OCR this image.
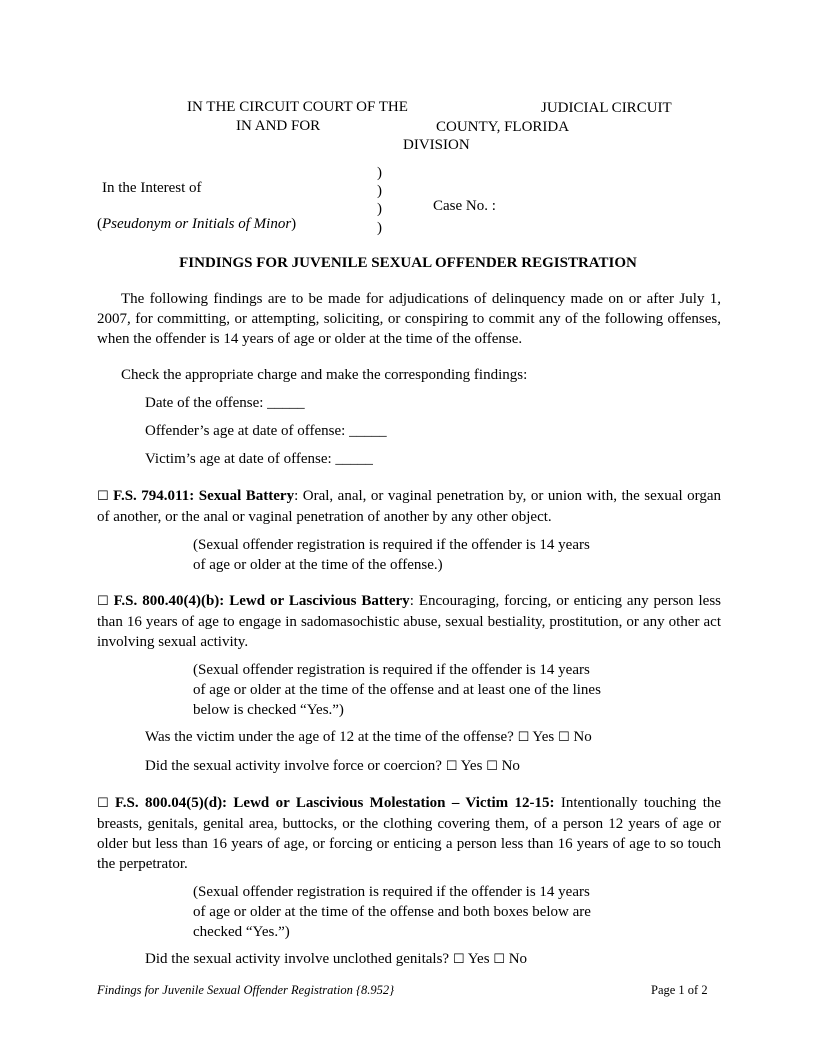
IN THE CIRCUIT COURT OF THE	JUDICIAL CIRCUIT
IN AND FOR	COUNTY, FLORIDA
DIVISION
)
)
)
)
In the Interest of
Case No. :
(Pseudonym or Initials of Minor)
FINDINGS FOR JUVENILE SEXUAL OFFENDER REGISTRATION
The following findings are to be made for adjudications of delinquency made on or after July 1, 2007, for committing, or attempting, soliciting, or conspiring to commit any of the following offenses, when the offender is 14 years of age or older at the time of the offense.
Check the appropriate charge and make the corresponding findings:
Date of the offense: _____
Offender’s age at date of offense: _____
Victim’s age at date of offense: _____
☐ F.S. 794.011: Sexual Battery: Oral, anal, or vaginal penetration by, or union with, the sexual organ of another, or the anal or vaginal penetration of another by any other object.
(Sexual offender registration is required if the offender is 14 years
of age or older at the time of the offense.)
☐ F.S. 800.40(4)(b): Lewd or Lascivious Battery: Encouraging, forcing, or enticing any person less than 16 years of age to engage in sadomasochistic abuse, sexual bestiality, prostitution, or any other act involving sexual activity.
(Sexual offender registration is required if the offender is 14 years
of age or older at the time of the offense and at least one of the lines
below is checked “Yes.”)
Was the victim under the age of 12 at the time of the offense? ☐ Yes ☐ No
Did the sexual activity involve force or coercion? ☐ Yes ☐ No
☐ F.S. 800.04(5)(d): Lewd or Lascivious Molestation – Victim 12-15: Intentionally touching the breasts, genitals, genital area, buttocks, or the clothing covering them, of a person 12 years of age or older but less than 16 years of age, or forcing or enticing a person less than 16 years of age to so touch the perpetrator.
(Sexual offender registration is required if the offender is 14 years
of age or older at the time of the offense and both boxes below are
checked “Yes.”)
Did the sexual activity involve unclothed genitals? ☐ Yes ☐ No
Findings for Juvenile Sexual Offender Registration {8.952}	Page 1 of 2
